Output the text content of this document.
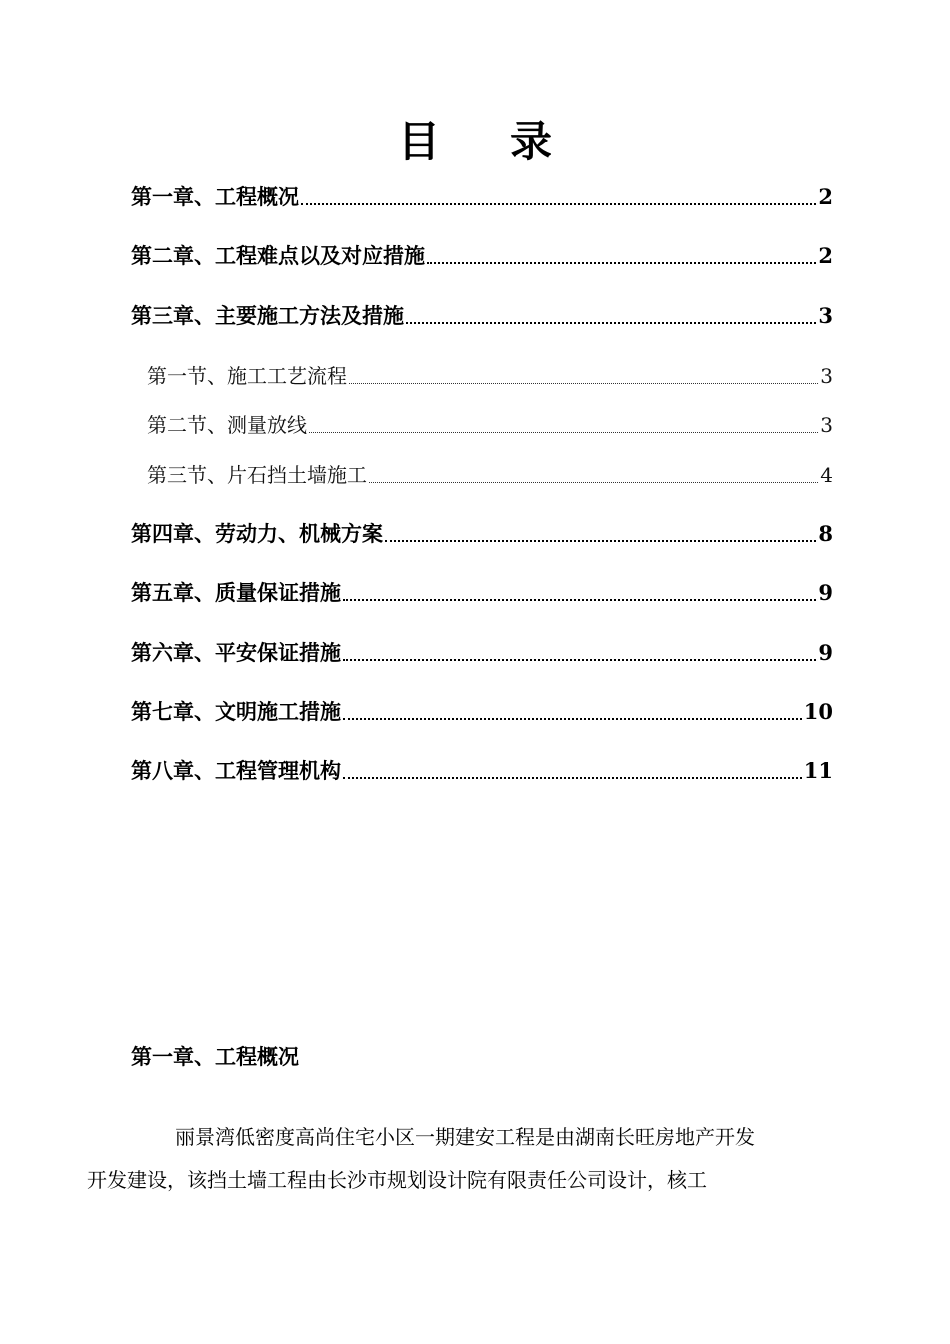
目 录
第一章、工程概况	2
第二章、工程难点以及对应措施	2
第三章、主要施工方法及措施	3
第一节、施工工艺流程	3
第二节、测量放线	3
第三节、片石挡土墙施工	4
第四章、劳动力、机械方案	8
第五章、质量保证措施	9
第六章、平安保证措施	9
第七章、文明施工措施	10
第八章、工程管理机构	11
第一章、工程概况
丽景湾低密度高尚住宅小区一期建安工程是由湖南长旺房地产开发
开发建设，该挡土墙工程由长沙市规划设计院有限责任公司设计，核工
